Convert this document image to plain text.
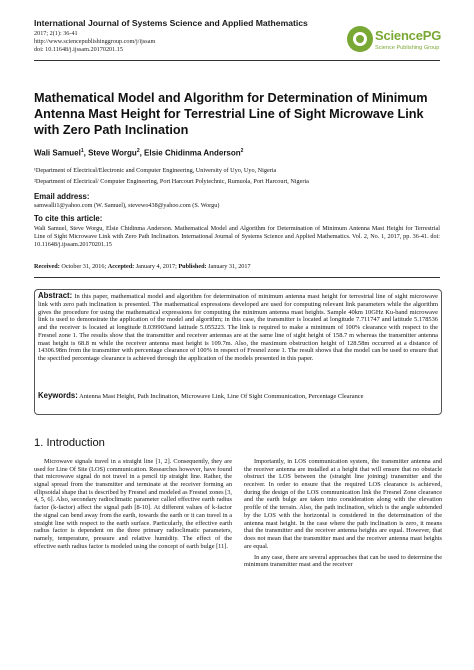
International Journal of Systems Science and Applied Mathematics
2017; 2(1): 36-41
http://www.sciencepublishinggroup.com/j/ijssam
doi: 10.11648/j.ijssam.20170201.15
SciencePG
Science Publishing Group
Mathematical Model and Algorithm for Determination of Minimum Antenna Mast Height for Terrestrial Line of Sight Microwave Link with Zero Path Inclination
Wali Samuel$^1$, Steve Worgu$^2$, Elsie Chidinma Anderson$^2$
¹Department of Electrical/Electronic and Computer Engineering, University of Uyo, Uyo, Nigeria
²Department of Electrical/ Computer Engineering, Port Harcourt Polytechnic, Rumuola, Port Harcourt, Nigeria
Email address:
samwalli1@yahoo.com (W. Samuel), stevewo438@yahoo.com (S. Worgu)
To cite this article:
Wali Samuel, Steve Worgu, Elsie Chidinma Anderson. Mathematical Model and Algorithm for Determination of Minimum Antenna Mast Height for Terrestrial Line of Sight Microwave Link with Zero Path Inclination. International Journal of Systems Science and Applied Mathematics. Vol. 2, No. 1, 2017, pp. 36-41. doi: 10.11648/j.ijssam.20170201.15
Received: October 31, 2016; Accepted: January 4, 2017; Published: January 31, 2017
Abstract: In this paper, mathematical model and algorithm for determination of minimum antenna mast height for terrestrial line of sight microwave link with zero path inclination is presented. The mathematical expressions developed are used for computing relevant link parameters while the algorithm gives the procedure for using the mathematical expressions for computing the minimum antenna mast heights. Sample 40km 10GHz Ku-band microwave link is used to demonstrate the application of the model and algorithm; in this case, the transmitter is located at longitude 7.711747 and latitude 5.178536 and the receiver is located at longitude 8.039903and latitude 5.055223. The link is required to make a minimum of 100% clearance with respect to the Fresnel zone 1. The results show that the transmitter and receiver antennas are at the same line of sight height of 158.7 m whereas the transmitter antenna mast height is 68.8 m while the receiver antenna mast height is 109.7m. Also, the maximum obstruction height of 128.58m occurred at a distance of 14306.98m from the transmitter with percentage clearance of 100% in respect of Fresnel zone 1. The result shows that the model can be used to ensure that the specified percentage clearance is achieved through the application of the models presented in this paper.
Keywords: Antenna Mast Height, Path Inclination, Microwave Link, Line Of Sight Communication, Percentage Clearance
1. Introduction

Microwave signals travel in a straight line [1, 2]. Consequently, they are used for Line Of Site (LOS) communication. Researches however, have found that microwave signal do not travel in a pencil tip straight line. Rather, the signal spread from the transmitter and terminate at the receiver forming an ellipsoidal shape that is described by Fresnel and modeled as Fresnel zones [3, 4, 5, 6]. Also, secondary radioclimatic parameter called effective earth radius factor (k-factor) affect the signal path [8-10]. At different values of k-factor the signal can bend away from the earth, towards the earth or it can travel in a straight line with respect to the earth surface. Particularly, the effective earth radius factor is dependent on the three primary radioclimatic parameters, namely, temperature, pressure and relative humidity. The effect of the effective earth radius factor is modeled using the concept of earth bulge [11].

Importantly, in LOS communication system, the transmitter antenna and the receiver antenna are installed at a height that will ensure that no obstacle obstruct the LOS between the (straight line joining) transmitter and the receiver. In order to ensure that the required LOS clearance is achieved, during the design of the LOS communication link the Fresnel Zone clearance and the earth bulge are taken into consideration along with the elevation profile of the terrain. Also, the path inclination, which is the angle subtended by the LOS with the horizontal is considered in the determination of the antenna mast height. In the case where the path inclination is zero, it means that the transmitter and the receiver antenna heights are equal. However, that does not mean that the transmitter mast and the receiver antenna mast heights are equal.

In any case, there are several approaches that can be used to determine the minimum transmitter mast and the receiver
